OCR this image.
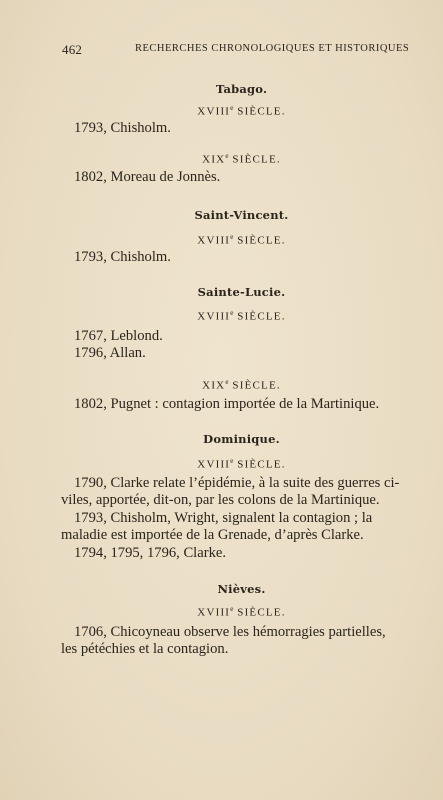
462	RECHERCHES CHRONOLOGIQUES ET HISTORIQUES
Tabago.
XVIIIe SIÈCLE.
1793, Chisholm.
XIXe SIÈCLE.
1802, Moreau de Jonnès.
Saint-Vincent.
XVIIIe SIÈCLE.
1793, Chisholm.
Sainte-Lucie.
XVIIIe SIÈCLE.
1767, Leblond.
1796, Allan.
XIXe SIÈCLE.
1802, Pugnet : contagion importée de la Martinique.
Dominique.
XVIIIe SIÈCLE.
1790, Clarke relate l’épidémie, à la suite des guerres ci-
viles, apportée, dit-on, par les colons de la Martinique.
1793, Chisholm, Wright, signalent la contagion ; la
maladie est importée de la Grenade, d’après Clarke.
1794, 1795, 1796, Clarke.
Nièves.
XVIIIe SIÈCLE.
1706, Chicoyneau observe les hémorragies partielles,
les pétéchies et la contagion.
